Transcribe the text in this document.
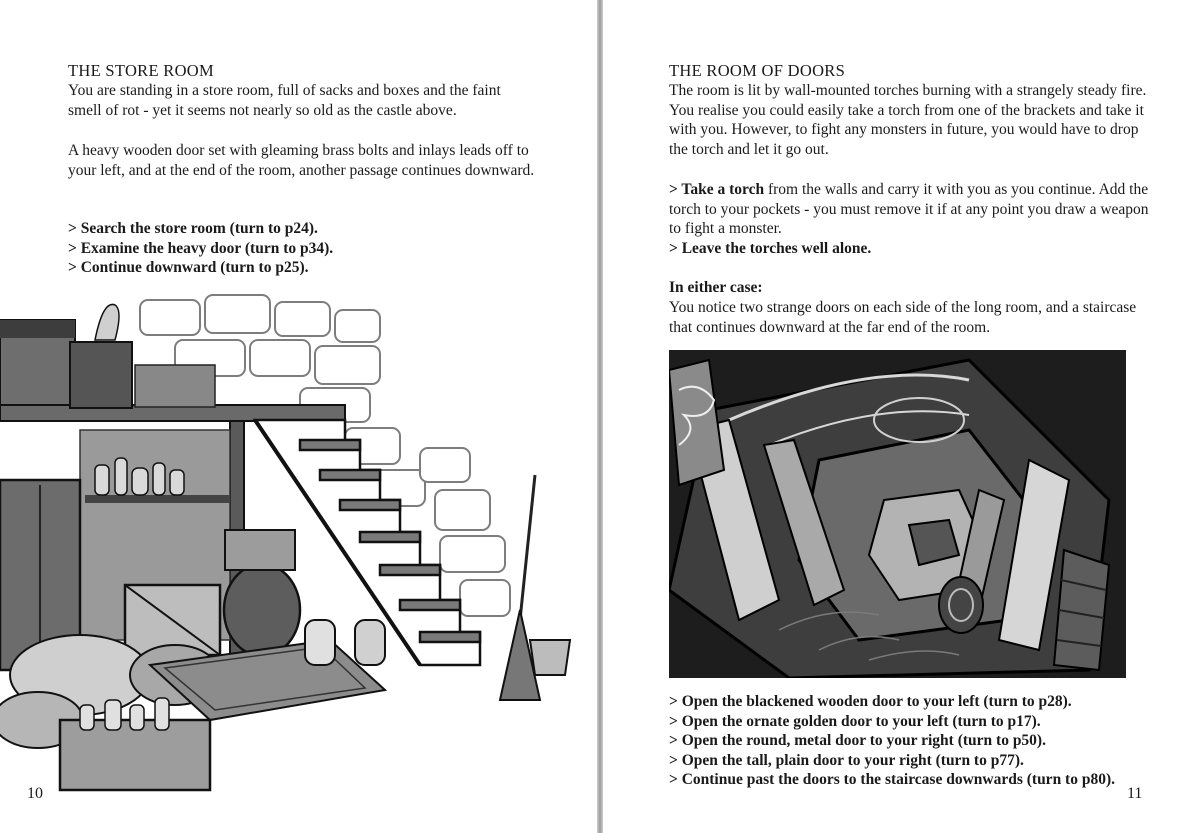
THE STORE ROOM

You are standing in a store room, full of sacks and boxes and the faint smell of rot - yet it seems not nearly so old as the castle above.

A heavy wooden door set with gleaming brass bolts and inlays leads off to your left, and at the end of the room, another passage continues downward.

> Search the store room (turn to p24).
> Examine the heavy door (turn to p34).
> Continue downward (turn to p25).
10
THE ROOM OF DOORS

The room is lit by wall-mounted torches burning with a strangely steady fire. You realise you could easily take a torch from one of the brackets and take it with you. However, to fight any monsters in future, you would have to drop the torch and let it go out.

> Take a torch from the walls and carry it with you as you continue. Add the torch to your pockets - you must remove it if at any point you draw a weapon to fight a monster.

> Leave the torches well alone.
In either case:

You notice two strange doors on each side of the long room, and a staircase that continues downward at the far end of the room.

> Open the blackened wooden door to your left (turn to p28).
> Open the ornate golden door to your left (turn to p17).
> Open the round, metal door to your right (turn to p50).
> Open the tall, plain door to your right (turn to p77).
> Continue past the doors to the staircase downwards (turn to p80).
11
